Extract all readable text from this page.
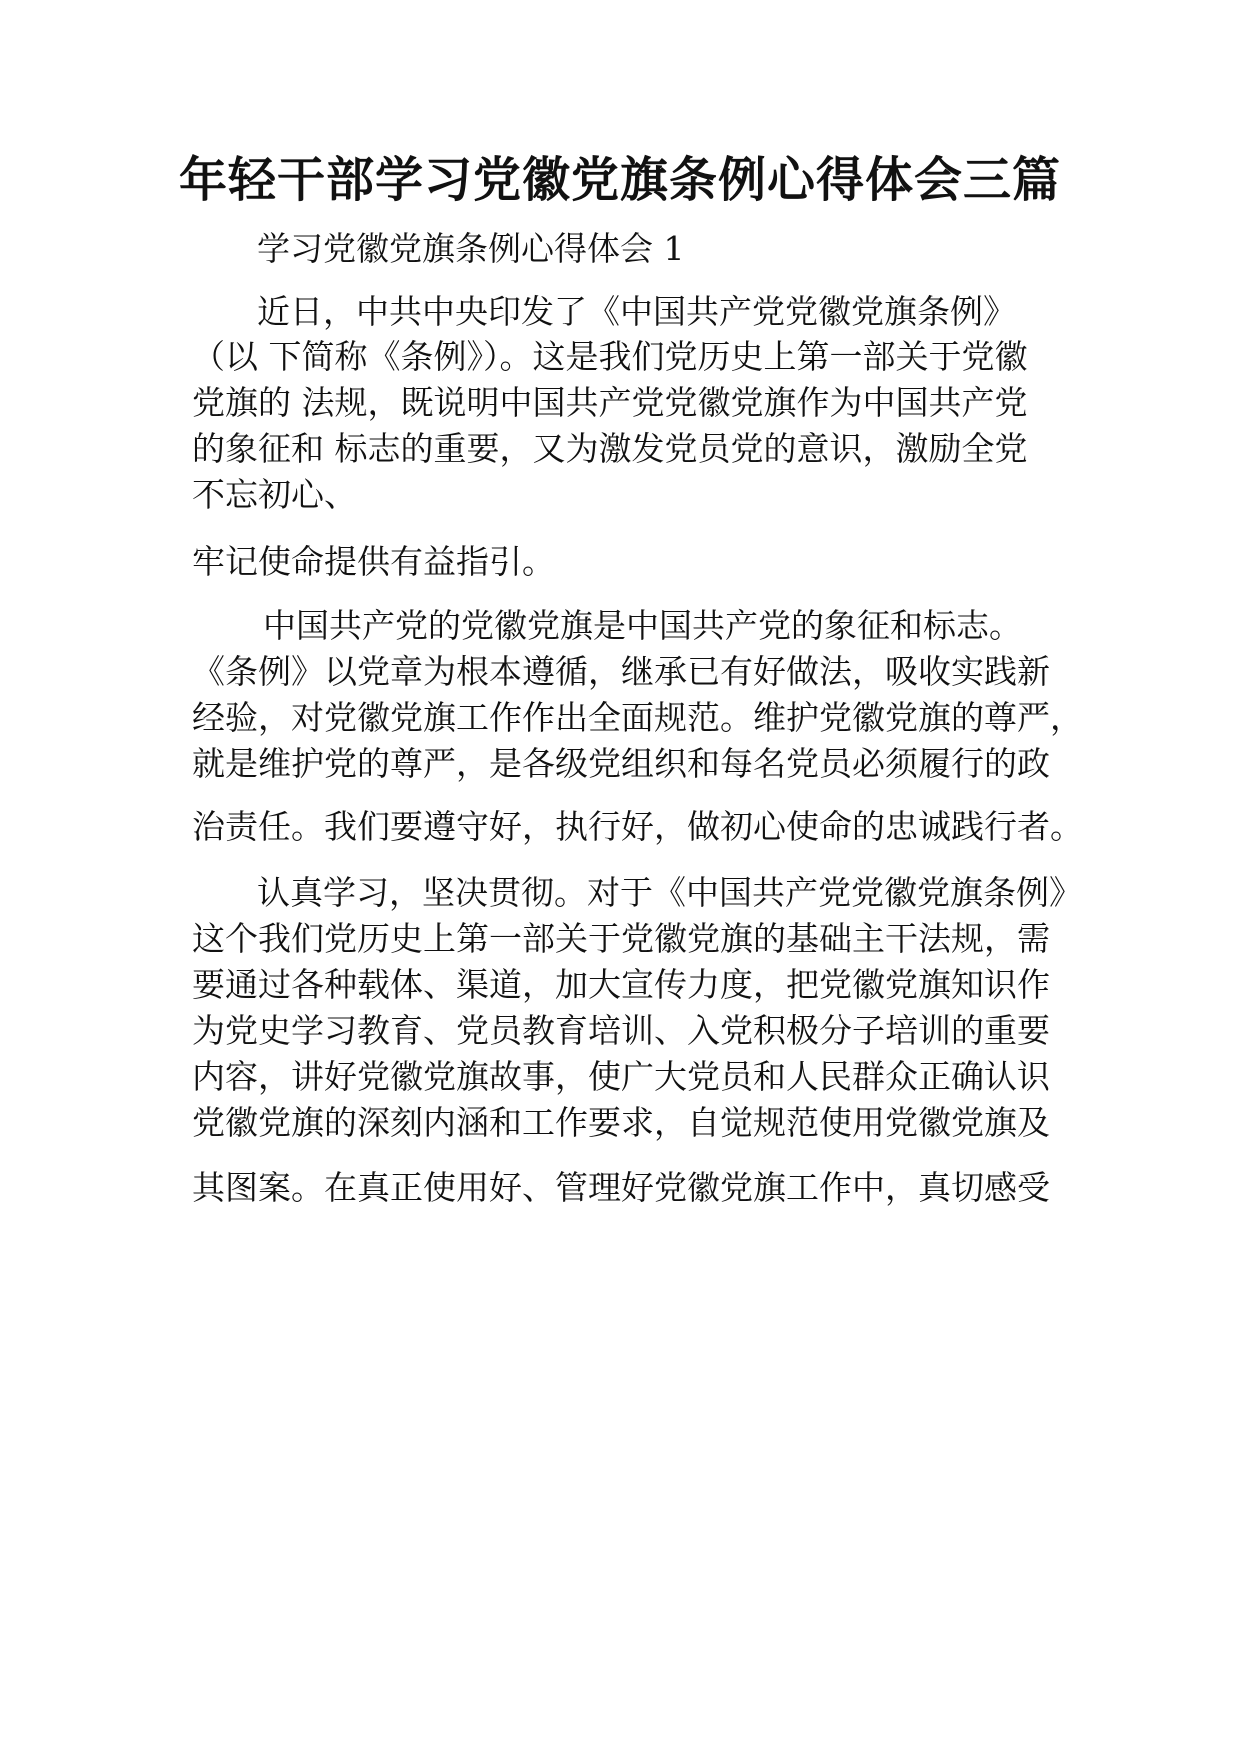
年轻干部学习党徽党旗条例心得体会三篇

学习党徽党旗条例心得体会 1

近日，中共中央印发了《中国共产党党徽党旗条例》

（以 下简称《条例》）。这是我们党历史上第一部关于党徽

党旗的 法规，既说明中国共产党党徽党旗作为中国共产党

的象征和 标志的重要，又为激发党员党的意识，激励全党

不忘初心、

牢记使命提供有益指引。

中国共产党的党徽党旗是中国共产党的象征和标志。

《条例》以党章为根本遵循，继承已有好做法，吸收实践新

经验，对党徽党旗工作作出全面规范。维护党徽党旗的尊严，

就是维护党的尊严，是各级党组织和每名党员必须履行的政

治责任。我们要遵守好，执行好，做初心使命的忠诚践行者。

认真学习，坚决贯彻。对于《中国共产党党徽党旗条例》

这个我们党历史上第一部关于党徽党旗的基础主干法规，需

要通过各种载体、渠道，加大宣传力度，把党徽党旗知识作

为党史学习教育、党员教育培训、入党积极分子培训的重要

内容，讲好党徽党旗故事，使广大党员和人民群众正确认识

党徽党旗的深刻内涵和工作要求，自觉规范使用党徽党旗及

其图案。在真正使用好、管理好党徽党旗工作中，真切感受
